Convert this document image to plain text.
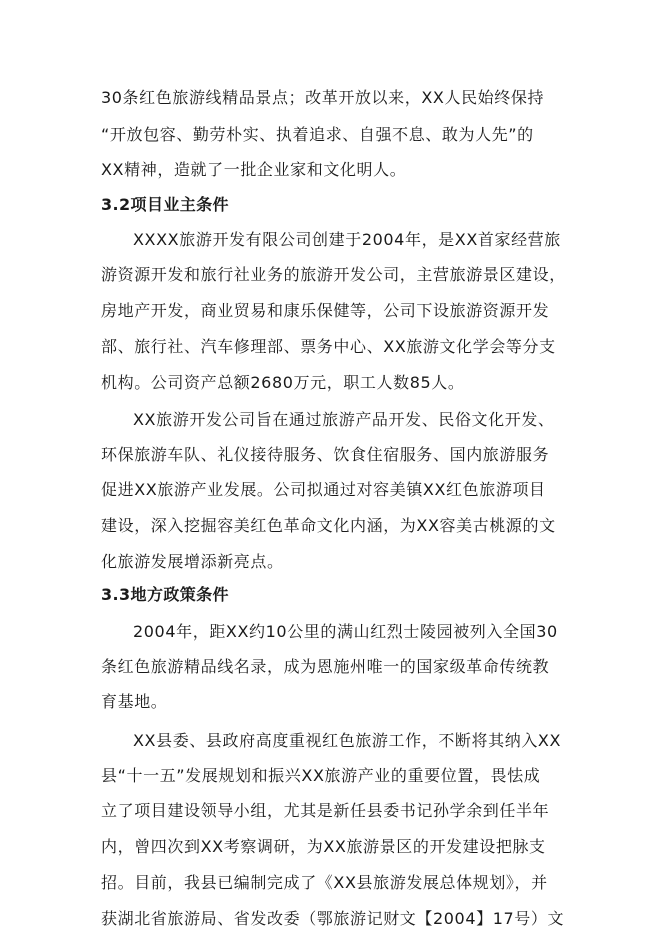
30条红色旅游线精品景点；改革开放以来，XX人民始终保持
“开放包容、勤劳朴实、执着追求、自强不息、敢为人先”的
XX精神，造就了一批企业家和文化明人。
3.2项目业主条件
XXXX旅游开发有限公司创建于2004年，是XX首家经营旅
游资源开发和旅行社业务的旅游开发公司，主营旅游景区建设，
房地产开发，商业贸易和康乐保健等，公司下设旅游资源开发
部、旅行社、汽车修理部、票务中心、XX旅游文化学会等分支
机构。公司资产总额2680万元，职工人数85人。
XX旅游开发公司旨在通过旅游产品开发、民俗文化开发、
环保旅游车队、礼仪接待服务、饮食住宿服务、国内旅游服务
促进XX旅游产业发展。公司拟通过对容美镇XX红色旅游项目
建设，深入挖掘容美红色革命文化内涵，为XX容美古桃源的文
化旅游发展增添新亮点。
3.3地方政策条件
2004年，距XX约10公里的满山红烈士陵园被列入全国30
条红色旅游精品线名录，成为恩施州唯一的国家级革命传统教
育基地。
XX县委、县政府高度重视红色旅游工作，不断将其纳入XX
县“十一五”发展规划和振兴XX旅游产业的重要位置，畏怯成
立了项目建设领导小组，尤其是新任县委书记孙学余到任半年
内，曾四次到XX考察调研，为XX旅游景区的开发建设把脉支
招。目前，我县已编制完成了《XX县旅游发展总体规划》，并
获湖北省旅游局、省发改委（鄂旅游记财文【2004】17号）文
